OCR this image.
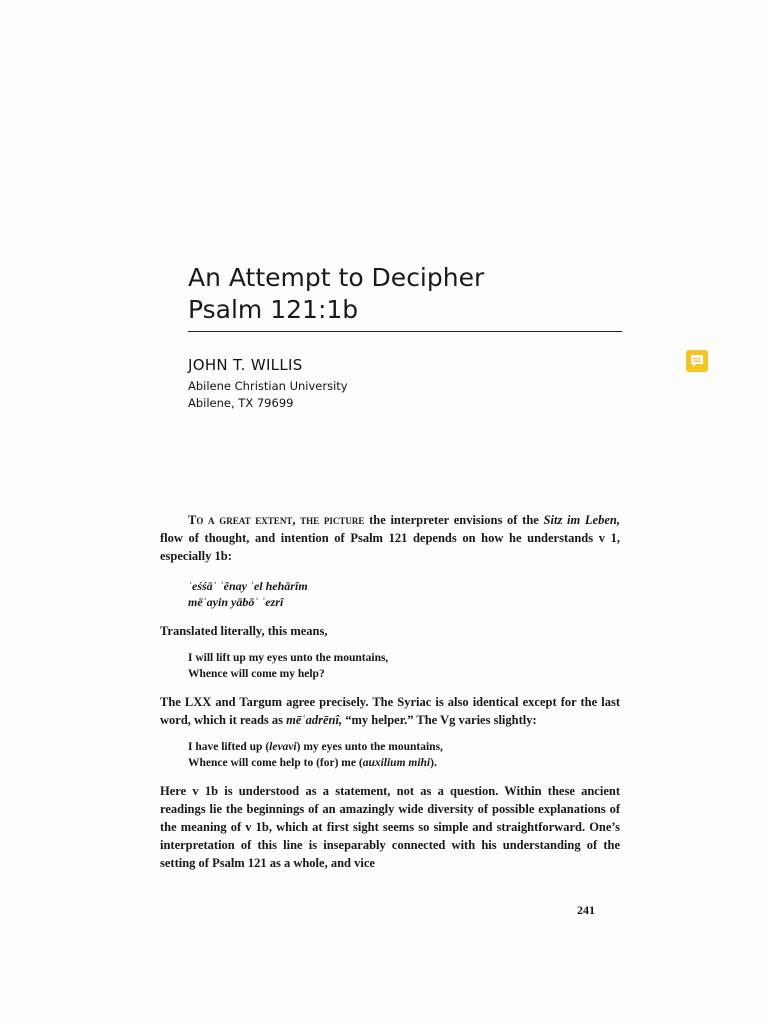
An Attempt to Decipher
Psalm 121:1b
JOHN T. WILLIS
Abilene Christian University
Abilene, TX 79699

To a great extent, the picture the interpreter envisions of the Sitz im Leben, flow of thought, and intention of Psalm 121 depends on how he understands v 1, especially 1b:

ʾeśśāʾ ʿênay ʾel hehārîm
mēʾayin yābōʾ ʿezrî

Translated literally, this means,

I will lift up my eyes unto the mountains,
Whence will come my help?

The LXX and Targum agree precisely. The Syriac is also identical except for the last word, which it reads as mēʿadrēnî, “my helper.” The Vg varies slightly:

I have lifted up (levavi) my eyes unto the mountains,
Whence will come help to (for) me (auxilium mihi).

Here v 1b is understood as a statement, not as a question. Within these ancient readings lie the beginnings of an amazingly wide diversity of possible explanations of the meaning of v 1b, which at first sight seems so simple and straightforward. One’s interpretation of this line is inseparably connected with his understanding of the setting of Psalm 121 as a whole, and vice

241
